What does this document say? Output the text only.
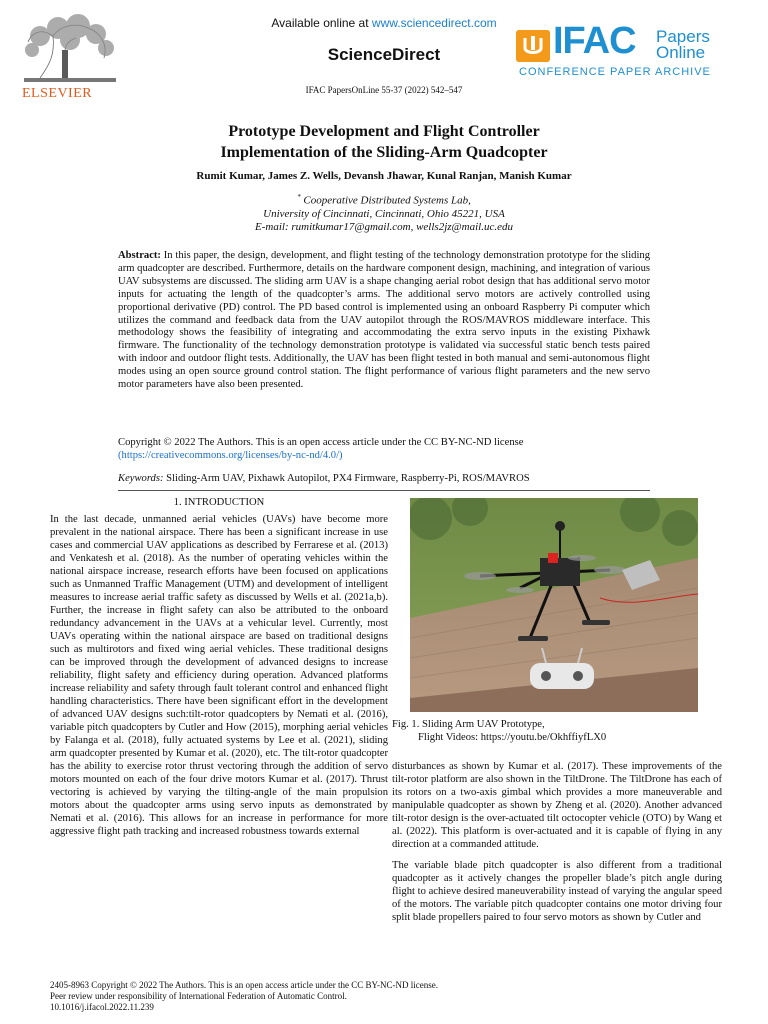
ELSEVIER
Available online at www.sciencedirect.com
ScienceDirect
IFAC PapersOnLine 55-37 (2022) 542–547
IFAC Papers
Online
CONFERENCE PAPER ARCHIVE
Prototype Development and Flight Controller
Implementation of the Sliding-Arm Quadcopter
Rumit Kumar, James Z. Wells, Devansh Jhawar, Kunal Ranjan, Manish Kumar
* Cooperative Distributed Systems Lab,
University of Cincinnati, Cincinnati, Ohio 45221, USA
E-mail: rumitkumar17@gmail.com, wells2jz@mail.uc.edu
Abstract: In this paper, the design, development, and flight testing of the technology demonstration prototype for the sliding arm quadcopter are described. Furthermore, details on the hardware component design, machining, and integration of various UAV subsystems are discussed. The sliding arm UAV is a shape changing aerial robot design that has additional servo motor inputs for actuating the length of the quadcopter’s arms. The additional servo motors are actively controlled using proportional derivative (PD) control. The PD based control is implemented using an onboard Raspberry Pi computer which utilizes the command and feedback data from the UAV autopilot through the ROS/MAVROS middleware interface. This methodology shows the feasibility of integrating and accommodating the extra servo inputs in the existing Pixhawk firmware. The functionality of the technology demonstration prototype is validated via successful static bench tests paired with indoor and outdoor flight tests. Additionally, the UAV has been flight tested in both manual and semi-autonomous flight modes using an open source ground control station. The flight performance of various flight parameters and the new servo motor parameters have also been presented.
Copyright © 2022 The Authors. This is an open access article under the CC BY-NC-ND license
(https://creativecommons.org/licenses/by-nc-nd/4.0/)
Keywords: Sliding-Arm UAV, Pixhawk Autopilot, PX4 Firmware, Raspberry-Pi, ROS/MAVROS
1. INTRODUCTION
In the last decade, unmanned aerial vehicles (UAVs) have become more prevalent in the national airspace. There has been a significant increase in use cases and commercial UAV applications as described by Ferrarese et al. (2013) and Venkatesh et al. (2018). As the number of operating vehicles within the national airspace increase, research efforts have been focused on applications such as Unmanned Traffic Management (UTM) and development of intelligent measures to increase aerial traffic safety as discussed by Wells et al. (2021a,b). Further, the increase in flight safety can also be attributed to the onboard redundancy advancement in the UAVs at a vehicular level. Currently, most UAVs operating within the national airspace are based on traditional designs such as multirotors and fixed wing aerial vehicles. These traditional designs can be improved through the development of advanced designs to increase reliability, flight safety and efficiency during operation. Advanced platforms increase reliability and safety through fault tolerant control and enhanced flight handling characteristics. There have been significant effort in the development of advanced UAV designs such:tilt-rotor quadcopters by Nemati et al. (2016), variable pitch quadcopters by Cutler and How (2015), morphing aerial vehicles by Falanga et al. (2018), fully actuated systems by Lee et al. (2021), sliding arm quadcopter presented by Kumar et al. (2020), etc. The tilt-rotor quadcopter has the ability to exercise rotor thrust vectoring through the addition of servo motors mounted on each of the four drive motors Kumar et al. (2017). Thrust vectoring is achieved by varying the tilting-angle of the main propulsion motors about the quadcopter arms using servo inputs as demonstrated by Nemati et al. (2016). This allows for an increase in performance for more aggressive flight path tracking and increased robustness towards external
Fig. 1. Sliding Arm UAV Prototype,
Flight Videos: https://youtu.be/OkhffiyfLX0

disturbances as shown by Kumar et al. (2017). These improvements of the tilt-rotor platform are also shown in the TiltDrone. The TiltDrone has each of its rotors on a two-axis gimbal which provides a more maneuverable and manipulable quadcopter as shown by Zheng et al. (2020). Another advanced tilt-rotor design is the over-actuated tilt octocopter vehicle (OTO) by Wang et al. (2022). This platform is over-actuated and it is capable of flying in any direction at a commanded attitude.

The variable blade pitch quadcopter is also different from a traditional quadcopter as it actively changes the propeller blade’s pitch angle during flight to achieve desired maneuverability instead of varying the angular speed of the motors. The variable pitch quadcopter contains one motor driving four split blade propellers paired to four servo motors as shown by Cutler and

2405-8963 Copyright © 2022 The Authors. This is an open access article under the CC BY-NC-ND license.
Peer review under responsibility of International Federation of Automatic Control.
10.1016/j.ifacol.2022.11.239
